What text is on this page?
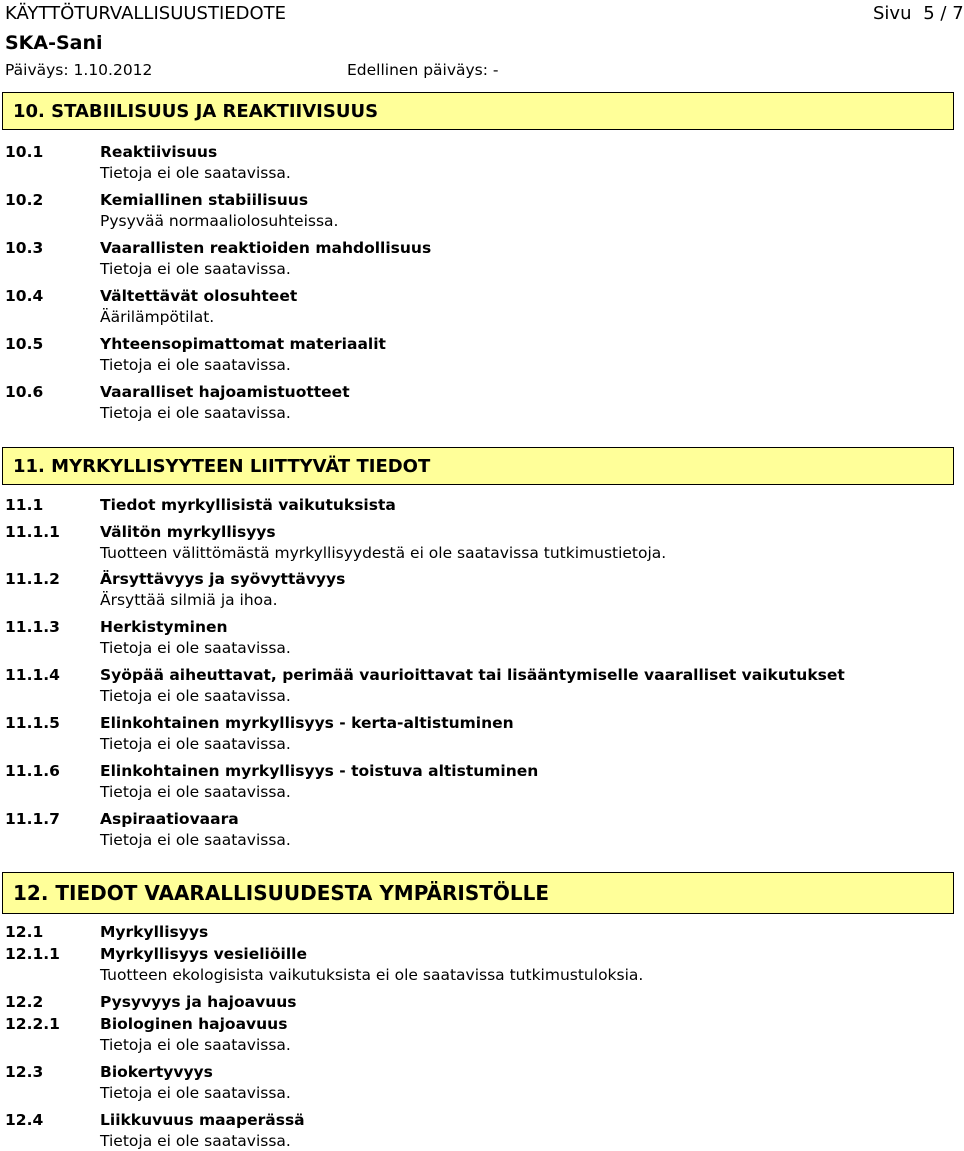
KÄYTTÖTURVALLISUUSTIEDOTE	Sivu 5 / 7
SKA-Sani
Päiväys: 1.10.2012	Edellinen päiväys: -
10. STABIILISUUS JA REAKTIIVISUUS
10.1	Reaktiivisuus
Tietoja ei ole saatavissa.
10.2	Kemiallinen stabiilisuus
Pysyvää normaaliolosuhteissa.
10.3	Vaarallisten reaktioiden mahdollisuus
Tietoja ei ole saatavissa.
10.4	Vältettävät olosuhteet
Äärilämpötilat.
10.5	Yhteensopimattomat materiaalit
Tietoja ei ole saatavissa.
10.6	Vaaralliset hajoamistuotteet
Tietoja ei ole saatavissa.
11. MYRKYLLISYYTEEN LIITTYVÄT TIEDOT
11.1	Tiedot myrkyllisistä vaikutuksista
11.1.1	Välitön myrkyllisyys
Tuotteen välittömästä myrkyllisyydestä ei ole saatavissa tutkimustietoja.
11.1.2	Ärsyttävyys ja syövyttävyys
Ärsyttää silmiä ja ihoa.
11.1.3	Herkistyminen
Tietoja ei ole saatavissa.
11.1.4	Syöpää aiheuttavat, perimää vaurioittavat tai lisääntymiselle vaaralliset vaikutukset
Tietoja ei ole saatavissa.
11.1.5	Elinkohtainen myrkyllisyys - kerta-altistuminen
Tietoja ei ole saatavissa.
11.1.6	Elinkohtainen myrkyllisyys - toistuva altistuminen
Tietoja ei ole saatavissa.
11.1.7	Aspiraatiovaara
Tietoja ei ole saatavissa.
12. TIEDOT VAARALLISUUDESTA YMPÄRISTÖLLE
12.1	Myrkyllisyys
12.1.1	Myrkyllisyys vesieliöille
Tuotteen ekologisista vaikutuksista ei ole saatavissa tutkimustuloksia.
12.2	Pysyvyys ja hajoavuus
12.2.1	Biologinen hajoavuus
Tietoja ei ole saatavissa.
12.3	Biokertyvyys
Tietoja ei ole saatavissa.
12.4	Liikkuvuus maaperässä
Tietoja ei ole saatavissa.
